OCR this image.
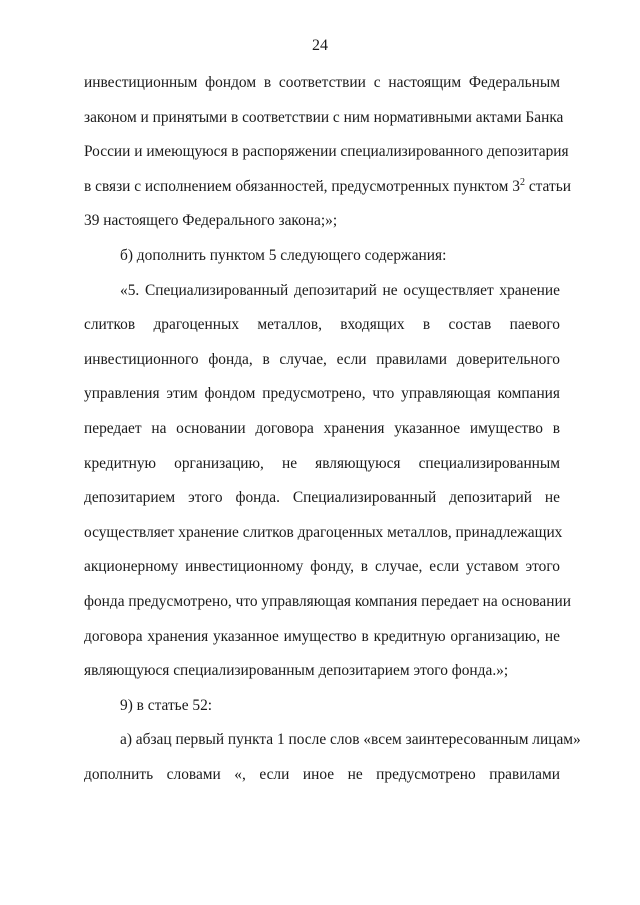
24
инвестиционным фондом в соответствии с настоящим Федеральным
законом и принятыми в соответствии с ним нормативными актами Банка
России и имеющуюся в распоряжении специализированного депозитария
в связи с исполнением обязанностей, предусмотренных пунктом $3^2$ статьи
39 настоящего Федерального закона;»;
б) дополнить пунктом 5 следующего содержания:
«5. Специализированный депозитарий не осуществляет хранение
слитков драгоценных металлов, входящих в состав паевого
инвестиционного фонда, в случае, если правилами доверительного
управления этим фондом предусмотрено, что управляющая компания
передает на основании договора хранения указанное имущество в
кредитную организацию, не являющуюся специализированным
депозитарием этого фонда. Специализированный депозитарий не
осуществляет хранение слитков драгоценных металлов, принадлежащих
акционерному инвестиционному фонду, в случае, если уставом этого
фонда предусмотрено, что управляющая компания передает на основании
договора хранения указанное имущество в кредитную организацию, не
являющуюся специализированным депозитарием этого фонда.»;
9) в статье 52:
а) абзац первый пункта 1 после слов «всем заинтересованным лицам»
дополнить словами «, если иное не предусмотрено правилами
